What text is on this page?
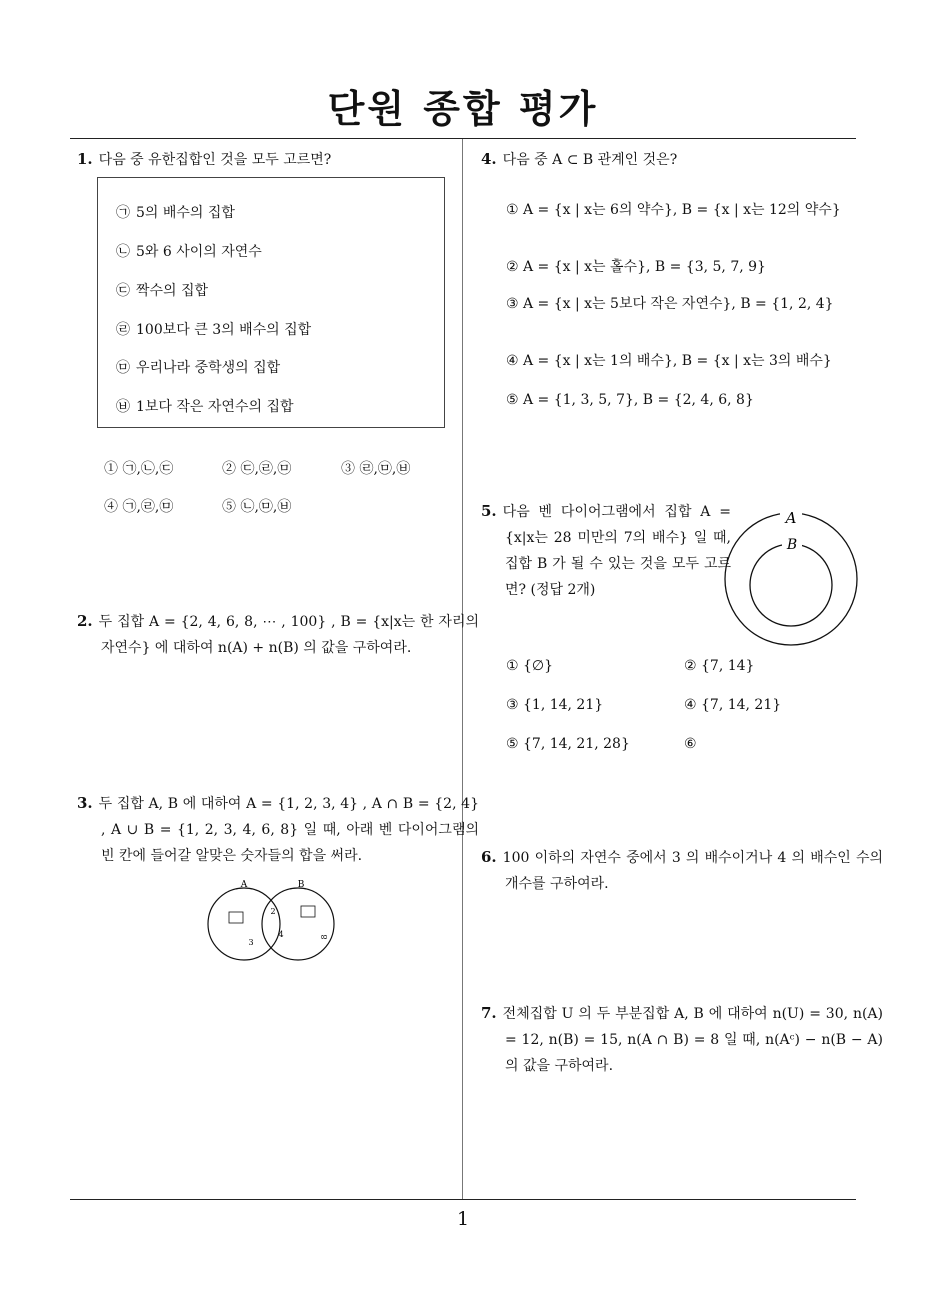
단원 종합 평가
1
1. 다음 중 유한집합인 것을 모두 고르면?
㉠ 5의 배수의 집합
㉡ 5와 6 사이의 자연수
㉢ 짝수의 집합
㉣ 100보다 큰 3의 배수의 집합
㉤ 우리나라 중학생의 집합
㉥ 1보다 작은 자연수의 집합
① ㉠,㉡,㉢	② ㉢,㉣,㉤	③ ㉣,㉤,㉥
④ ㉠,㉣,㉤	⑤ ㉡,㉤,㉥
2. 두 집합 A = {2, 4, 6, 8, ⋯ , 100} , B = {x|x는 한 자리의 자연수} 에 대하여 n(A) + n(B) 의 값을 구하여라.
3. 두 집합 A, B 에 대하여 A = {1, 2, 3, 4} , A ∩ B = {2, 4} , A ∪ B = {1, 2, 3, 4, 6, 8} 일 때, 아래 벤 다이어그램의 빈 칸에 들어갈 알맞은 숫자들의 합을 써라.
A	B
2
3
4	8
4. 다음 중 A ⊂ B 관계인 것은?
① A = {x | x는 6의 약수}, B = {x | x는 12의 약수}
② A = {x | x는 홀수}, B = {3, 5, 7, 9}
③ A = {x | x는 5보다 작은 자연수}, B = {1, 2, 4}
④ A = {x | x는 1의 배수}, B = {x | x는 3의 배수}
⑤ A = {1, 3, 5, 7}, B = {2, 4, 6, 8}
5. 다음 벤 다이어그램에서 집합 A = {x|x는 28 미만의 7의 배수} 일 때, 집합 B 가 될 수 있는 것을 모두 고르면? (정답 2개)
A
B
① {∅}	② {7, 14}
③ {1, 14, 21}	④ {7, 14, 21}
⑤ {7, 14, 21, 28}	⑥
6. 100 이하의 자연수 중에서 3 의 배수이거나 4 의 배수인 수의 개수를 구하여라.
7. 전체집합 U 의 두 부분집합 A, B 에 대하여 n(U) = 30, n(A) = 12, n(B) = 15, n(A ∩ B) = 8 일 때, n(Aᶜ) − n(B − A) 의 값을 구하여라.
